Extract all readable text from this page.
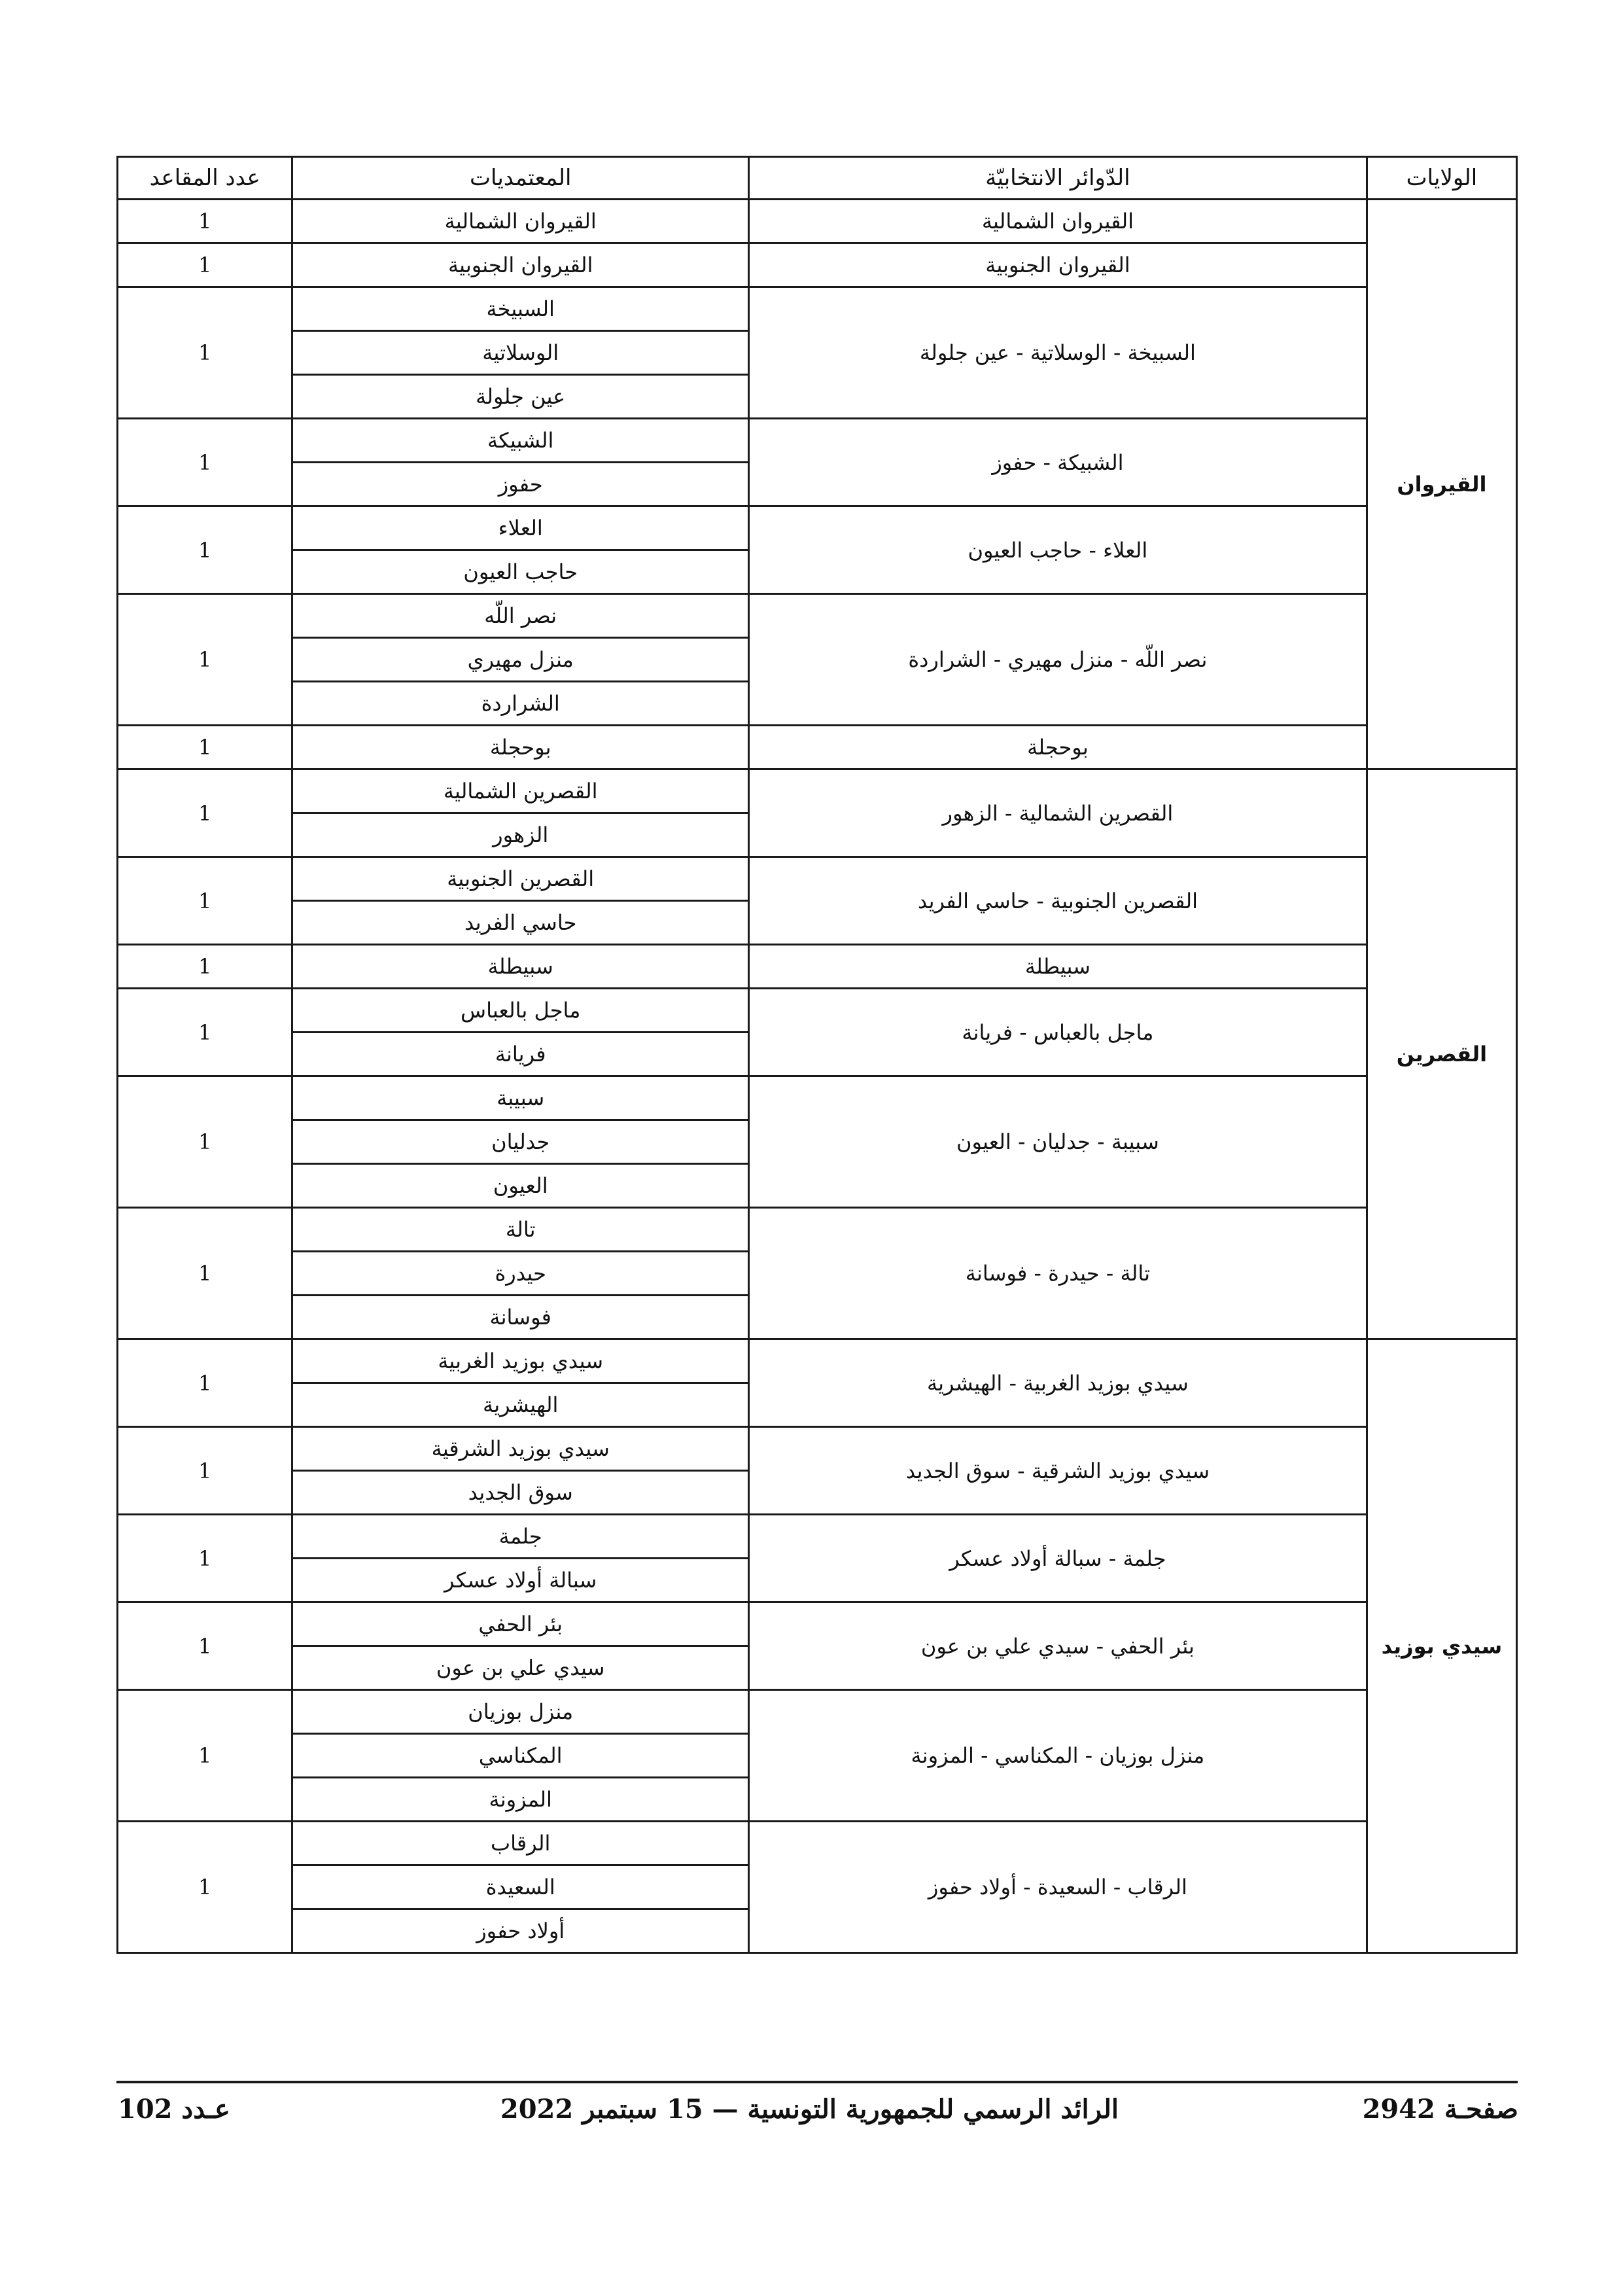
الولايات	الدّوائر الانتخابيّة	المعتمديات	عدد المقاعد
القيروان	القيروان الشمالية	القيروان الشمالية	1
	القيروان الجنوبية	القيروان الجنوبية	1
	السبيخة - الوسلاتية - عين جلولة	السبيخة	1
		الوسلاتية	
		عين جلولة	
	الشبيكة - حفوز	الشبيكة	1
		حفوز	
	العلاء - حاجب العيون	العلاء	1
		حاجب العيون	
	نصر اللّه - منزل مهيري - الشراردة	نصر اللّه	1
		منزل مهيري	
		الشراردة	
	بوحجلة	بوحجلة	1
القصرين	القصرين الشمالية - الزهور	القصرين الشمالية	1
		الزهور	
	القصرين الجنوبية - حاسي الفريد	القصرين الجنوبية	1
		حاسي الفريد	
	سبيطلة	سبيطلة	1
	ماجل بالعباس - فريانة	ماجل بالعباس	1
		فريانة	
	سبيبة - جدليان - العيون	سبيبة	1
		جدليان	
		العيون	
	تالة - حيدرة - فوسانة	تالة	1
		حيدرة	
		فوسانة	
سيدي بوزيد	سيدي بوزيد الغربية - الهيشرية	سيدي بوزيد الغربية	1
		الهيشرية	
	سيدي بوزيد الشرقية - سوق الجديد	سيدي بوزيد الشرقية	1
		سوق الجديد	
	جلمة - سبالة أولاد عسكر	جلمة	1
		سبالة أولاد عسكر	
	بئر الحفي - سيدي علي بن عون	بئر الحفي	1
		سيدي علي بن عون	
	منزل بوزيان - المكناسي - المزونة	منزل بوزيان	1
		المكناسي	
		المزونة	
	الرقاب - السعيدة - أولاد حفوز	الرقاب	1
		السعيدة	
		أولاد حفوز	
صفحـة 2942
الرائد الرسمي للجمهورية التونسية — 15 سبتمبر 2022
عـدد 102
